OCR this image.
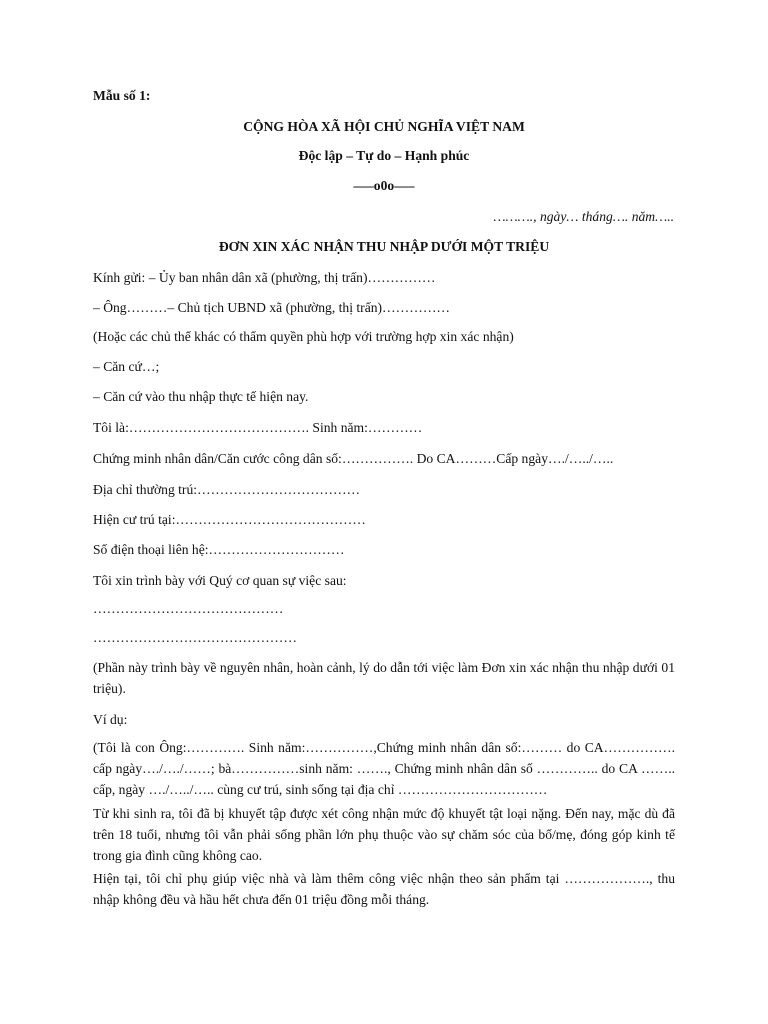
Mẫu số 1:
CỘNG HÒA XÃ HỘI CHỦ NGHĨA VIỆT NAM
Độc lập – Tự do – Hạnh phúc
—–o0o—–
………., ngày… tháng…. năm…..
ĐƠN XIN XÁC NHẬN THU NHẬP DƯỚI MỘT TRIỆU
Kính gửi: – Ủy ban nhân dân xã (phường, thị trấn)……………
– Ông………– Chủ tịch UBND xã (phường, thị trấn)……………
(Hoặc các chủ thể khác có thẩm quyền phù hợp với trường hợp xin xác nhận)
– Căn cứ…;
– Căn cứ vào thu nhập thực tế hiện nay.
Tôi là:…………………………………. Sinh năm:…………
Chứng minh nhân dân/Căn cước công dân số:……………. Do CA………Cấp ngày…./…../…..
Địa chỉ thường trú:………………………………
Hiện cư trú tại:……………………………………
Số điện thoại liên hệ:…………………………
Tôi xin trình bày với Quý cơ quan sự việc sau:
……………………………………
………………………………………
(Phần này trình bày về nguyên nhân, hoàn cảnh, lý do dẫn tới việc làm Đơn xin xác nhận thu nhập dưới 01 triệu).
Ví dụ:
(Tôi là con Ông:…………. Sinh năm:……………,Chứng minh nhân dân số:……… do CA……………. cấp ngày…./…./……; bà……………sinh năm: ……., Chứng minh nhân dân số ………….. do CA …….. cấp, ngày …./…../….. cùng cư trú, sinh sống tại địa chỉ ……………………………
Từ khi sinh ra, tôi đã bị khuyết tập được xét công nhận mức độ khuyết tật loại nặng. Đến nay, mặc dù đã trên 18 tuổi, nhưng tôi vẫn phải sống phần lớn phụ thuộc vào sự chăm sóc của bố/mẹ, đóng góp kinh tế trong gia đình cũng không cao.
Hiện tại, tôi chỉ phụ giúp việc nhà và làm thêm công việc nhận theo sản phẩm tại ………………., thu nhập không đều và hầu hết chưa đến 01 triệu đồng mỗi tháng.
